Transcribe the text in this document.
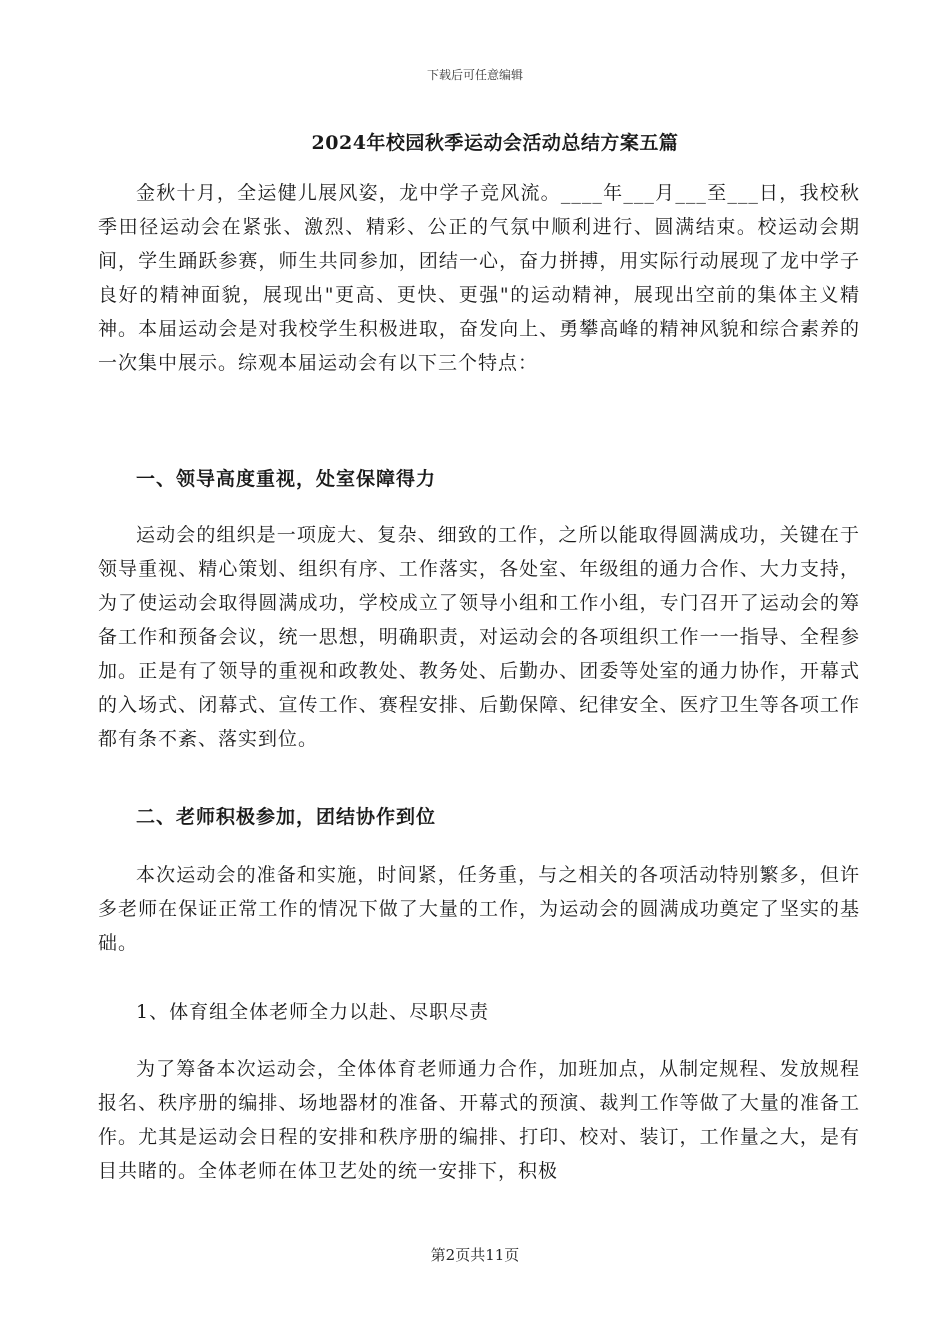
下载后可任意编辑
2024年校园秋季运动会活动总结方案五篇
金秋十月，全运健儿展风姿，龙中学子竞风流。____年___月___至___日，我校秋季田径运动会在紧张、激烈、精彩、公正的气氛中顺利进行、圆满结束。校运动会期间，学生踊跃参赛，师生共同参加，团结一心，奋力拼搏，用实际行动展现了龙中学子良好的精神面貌，展现出"更高、更快、更强"的运动精神，展现出空前的集体主义精神。本届运动会是对我校学生积极进取，奋发向上、勇攀高峰的精神风貌和综合素养的一次集中展示。综观本届运动会有以下三个特点：
一、领导高度重视，处室保障得力
运动会的组织是一项庞大、复杂、细致的工作，之所以能取得圆满成功，关键在于领导重视、精心策划、组织有序、工作落实，各处室、年级组的通力合作、大力支持，为了使运动会取得圆满成功，学校成立了领导小组和工作小组，专门召开了运动会的筹备工作和预备会议，统一思想，明确职责，对运动会的各项组织工作一一指导、全程参加。正是有了领导的重视和政教处、教务处、后勤办、团委等处室的通力协作，开幕式的入场式、闭幕式、宣传工作、赛程安排、后勤保障、纪律安全、医疗卫生等各项工作都有条不紊、落实到位。
二、老师积极参加，团结协作到位
本次运动会的准备和实施，时间紧，任务重，与之相关的各项活动特别繁多，但许多老师在保证正常工作的情况下做了大量的工作，为运动会的圆满成功奠定了坚实的基础。
1、体育组全体老师全力以赴、尽职尽责
为了筹备本次运动会，全体体育老师通力合作，加班加点，从制定规程、发放规程报名、秩序册的编排、场地器材的准备、开幕式的预演、裁判工作等做了大量的准备工作。尤其是运动会日程的安排和秩序册的编排、打印、校对、装订，工作量之大，是有目共睹的。全体老师在体卫艺处的统一安排下，积极
第2页共11页
